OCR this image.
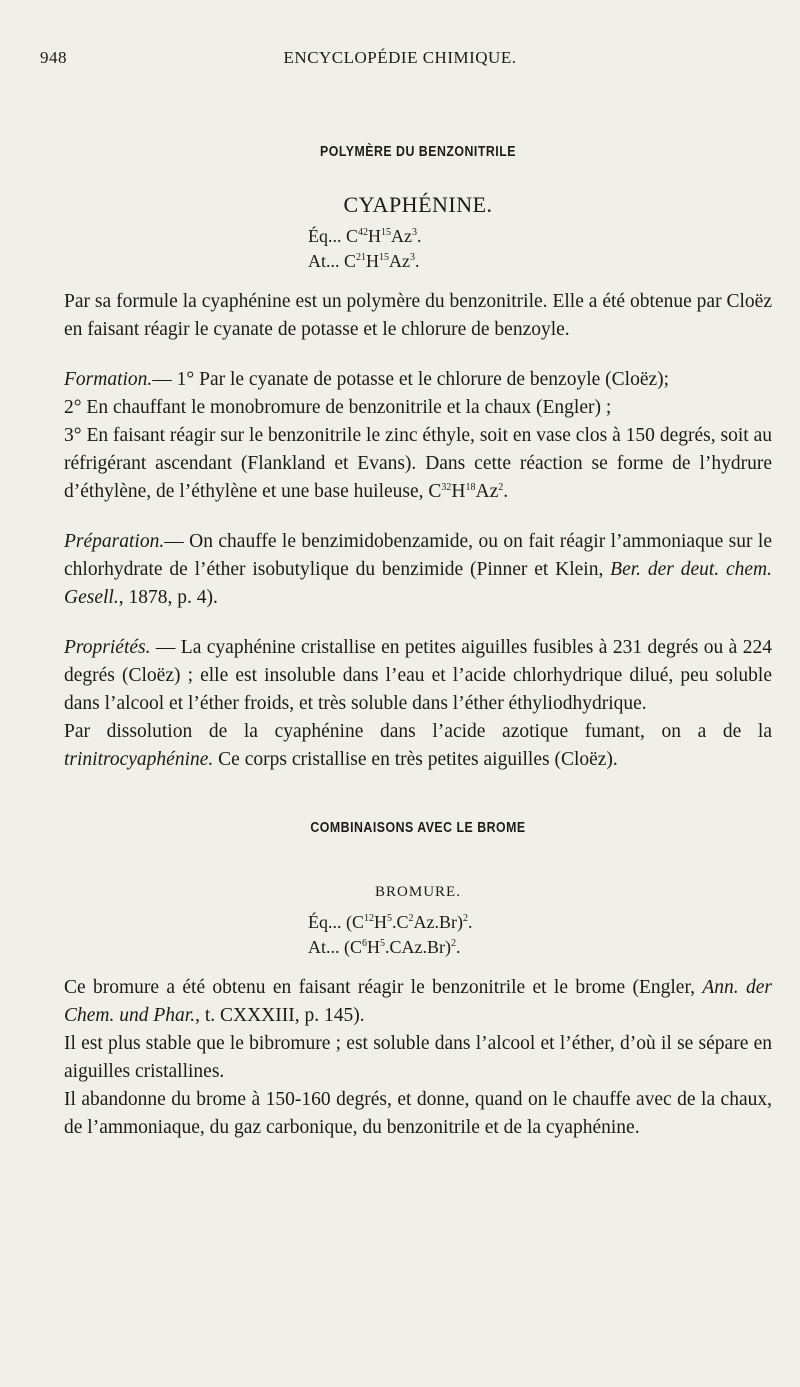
948	ENCYCLOPÉDIE CHIMIQUE.
POLYMÈRE DU BENZONITRILE
CYAPHÉNINE.
Éq... $C^{42}H^{15}Az^3$.
At... $C^{21}H^{15}Az^3$.

Par sa formule la cyaphénine est un polymère du benzonitrile. Elle a été obtenue par Cloëz en faisant réagir le cyanate de potasse et le chlorure de benzoyle.

Formation.— 1° Par le cyanate de potasse et le chlorure de benzoyle (Cloëz);

2° En chauffant le monobromure de benzonitrile et la chaux (Engler) ;

3° En faisant réagir sur le benzonitrile le zinc éthyle, soit en vase clos à 150 degrés, soit au réfrigérant ascendant (Flankland et Evans). Dans cette réaction se forme de l’hydrure d’éthylène, de l’éthylène et une base huileuse, $C^{32}H^{18}Az^2$.

Préparation.— On chauffe le benzimidobenzamide, ou on fait réagir l’ammoniaque sur le chlorhydrate de l’éther isobutylique du benzimide (Pinner et Klein, Ber. der deut. chem. Gesell., 1878, p. 4).

Propriétés. — La cyaphénine cristallise en petites aiguilles fusibles à 231 degrés ou à 224 degrés (Cloëz) ; elle est insoluble dans l’eau et l’acide chlorhydrique dilué, peu soluble dans l’alcool et l’éther froids, et très soluble dans l’éther éthyliodhydrique.

Par dissolution de la cyaphénine dans l’acide azotique fumant, on a de la trinitrocyaphénine. Ce corps cristallise en très petites aiguilles (Cloëz).

COMBINAISONS AVEC LE BROME
BROMURE.
Éq... $(C^{12}H^5.C^2Az.Br)^2$.
At... $(C^6H^5.CAz.Br)^2$.

Ce bromure a été obtenu en faisant réagir le benzonitrile et le brome (Engler, Ann. der Chem. und Phar., t. CXXXIII, p. 145).

Il est plus stable que le bibromure ; est soluble dans l’alcool et l’éther, d’où il se sépare en aiguilles cristallines.

Il abandonne du brome à 150-160 degrés, et donne, quand on le chauffe avec de la chaux, de l’ammoniaque, du gaz carbonique, du benzonitrile et de la cyaphénine.
